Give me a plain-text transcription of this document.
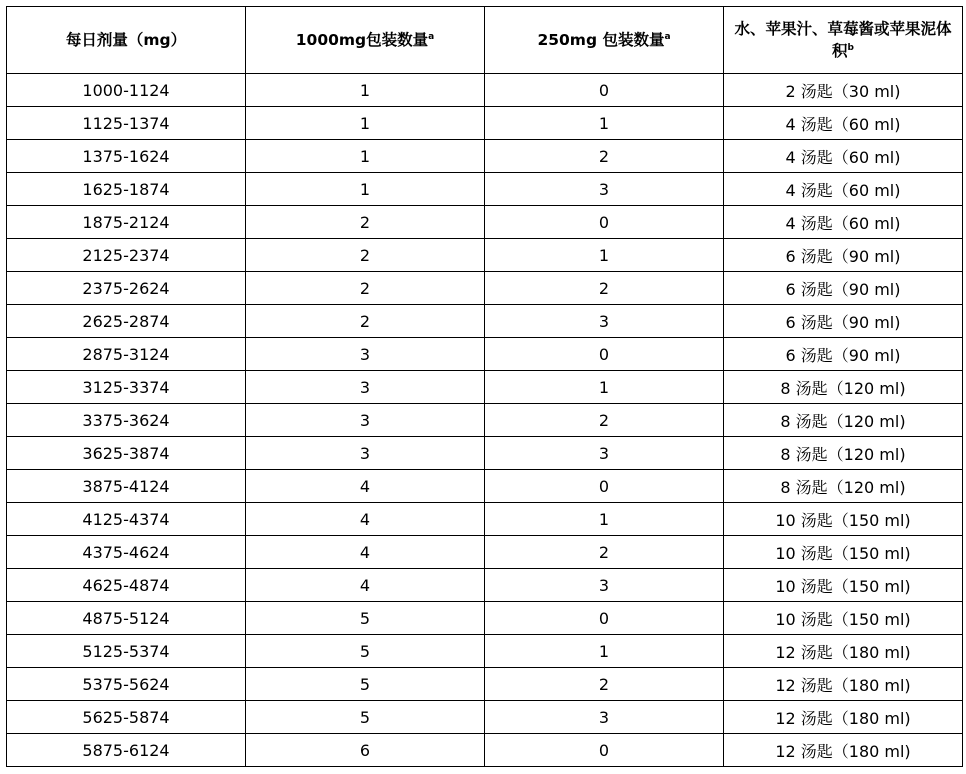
每日剂量（mg）	1000mg包装数量$^a$	250mg 包装数量$^a$	水、苹果汁、草莓酱或苹果泥体积$^b$
1000-1124	1	0	2 汤匙（30 ml)
1125-1374	1	1	4 汤匙（60 ml)
1375-1624	1	2	4 汤匙（60 ml)
1625-1874	1	3	4 汤匙（60 ml)
1875-2124	2	0	4 汤匙（60 ml)
2125-2374	2	1	6 汤匙（90 ml)
2375-2624	2	2	6 汤匙（90 ml)
2625-2874	2	3	6 汤匙（90 ml)
2875-3124	3	0	6 汤匙（90 ml)
3125-3374	3	1	8 汤匙（120 ml)
3375-3624	3	2	8 汤匙（120 ml)
3625-3874	3	3	8 汤匙（120 ml)
3875-4124	4	0	8 汤匙（120 ml)
4125-4374	4	1	10 汤匙（150 ml)
4375-4624	4	2	10 汤匙（150 ml)
4625-4874	4	3	10 汤匙（150 ml)
4875-5124	5	0	10 汤匙（150 ml)
5125-5374	5	1	12 汤匙（180 ml)
5375-5624	5	2	12 汤匙（180 ml)
5625-5874	5	3	12 汤匙（180 ml)
5875-6124	6	0	12 汤匙（180 ml)
